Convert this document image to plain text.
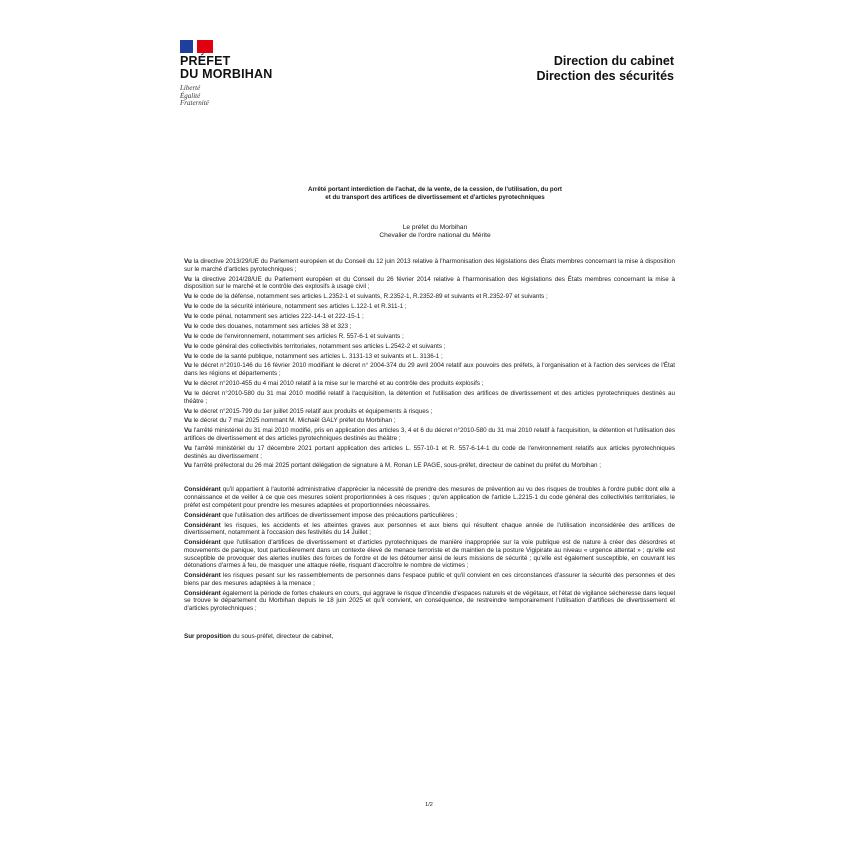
PRÉFET
DU MORBIHAN
Liberté
Égalité
Fraternité
Direction du cabinet
Direction des sécurités
Arrêté portant interdiction de l'achat, de la vente, de la cession, de l'utilisation, du port
et du transport des artifices de divertissement et d'articles pyrotechniques
Le préfet du Morbihan
Chevalier de l'ordre national du Mérite

Vu la directive 2013/29/UE du Parlement européen et du Conseil du 12 juin 2013 relative à l'harmonisation des législations des États membres concernant la mise à disposition sur le marché d'articles pyrotechniques ;

Vu la directive 2014/28/UE du Parlement européen et du Conseil du 26 février 2014 relative à l'harmonisation des législations des États membres concernant la mise à disposition sur le marché et le contrôle des explosifs à usage civil ;

Vu le code de la défense, notamment ses articles L.2352-1 et suivants, R.2352-1, R.2352-89 et suivants et R.2352-97 et suivants ;

Vu le code de la sécurité intérieure, notamment ses articles L.122-1 et R.311-1 ;

Vu le code pénal, notamment ses articles 222-14-1 et 222-15-1 ;

Vu le code des douanes, notamment ses articles 38 et 323 ;

Vu le code de l'environnement, notamment ses articles R. 557-6-1 et suivants ;

Vu le code général des collectivités territoriales, notamment ses articles L.2542-2 et suivants ;

Vu le code de la santé publique, notamment ses articles L. 3131-13 et suivants et L. 3136-1 ;

Vu le décret n°2010-146 du 16 février 2010 modifiant le décret n° 2004-374 du 29 avril 2004 relatif aux pouvoirs des préfets, à l'organisation et à l'action des services de l'État dans les régions et départements ;

Vu le décret n°2010-455 du 4 mai 2010 relatif à la mise sur le marché et au contrôle des produits explosifs ;

Vu le décret n°2010-580 du 31 mai 2010 modifié relatif à l'acquisition, la détention et l'utilisation des artifices de divertissement et des articles pyrotechniques destinés au théâtre ;

Vu le décret n°2015-799 du 1er juillet 2015 relatif aux produits et équipements à risques ;

Vu le décret du 7 mai 2025 nommant M. Michaël GALY préfet du Morbihan ;

Vu l'arrêté ministériel du 31 mai 2010 modifié, pris en application des articles 3, 4 et 6 du décret n°2010-580 du 31 mai 2010 relatif à l'acquisition, la détention et l'utilisation des artifices de divertissement et des articles pyrotechniques destinés au théâtre ;

Vu l'arrêté ministériel du 17 décembre 2021 portant application des articles L. 557-10-1 et R. 557-6-14-1 du code de l'environnement relatifs aux articles pyrotechniques destinés au divertissement ;

Vu l'arrêté préfectoral du 26 mai 2025 portant délégation de signature à M. Ronan LE PAGE, sous-préfet, directeur de cabinet du préfet du Morbihan ;

Considérant qu'il appartient à l'autorité administrative d'apprécier la nécessité de prendre des mesures de prévention au vu des risques de troubles à l'ordre public dont elle a connaissance et de veiller à ce que ces mesures soient proportionnées à ces risques ; qu'en application de l'article L.2215-1 du code général des collectivités territoriales, le préfet est compétent pour prendre les mesures adaptées et proportionnées nécessaires.

Considérant que l'utilisation des artifices de divertissement impose des précautions particulières ;

Considérant les risques, les accidents et les atteintes graves aux personnes et aux biens qui résultent chaque année de l'utilisation inconsidérée des artifices de divertissement, notamment à l'occasion des festivités du 14 Juillet ;

Considérant que l'utilisation d'artifices de divertissement et d'articles pyrotechniques de manière inappropriée sur la voie publique est de nature à créer des désordres et mouvements de panique, tout particulièrement dans un contexte élevé de menace terroriste et de maintien de la posture Vigipirate au niveau « urgence attentat » ; qu'elle est susceptible de provoquer des alertes inutiles des forces de l'ordre et de les détourner ainsi de leurs missions de sécurité ; qu'elle est également susceptible, en couvrant les détonations d'armes à feu, de masquer une attaque réelle, risquant d'accroître le nombre de victimes ;

Considérant les risques pesant sur les rassemblements de personnes dans l'espace public et qu'il convient en ces circonstances d'assurer la sécurité des personnes et des biens par des mesures adaptées à la menace ;

Considérant également la période de fortes chaleurs en cours, qui aggrave le risque d'incendie d'espaces naturels et de végétaux, et l'état de vigilance sécheresse dans lequel se trouve le département du Morbihan depuis le 18 juin 2025 et qu'il convient, en conséquence, de restreindre temporairement l'utilisation d'artifices de divertissement et d'articles pyrotechniques ;

Sur proposition du sous-préfet, directeur de cabinet,

1/2
